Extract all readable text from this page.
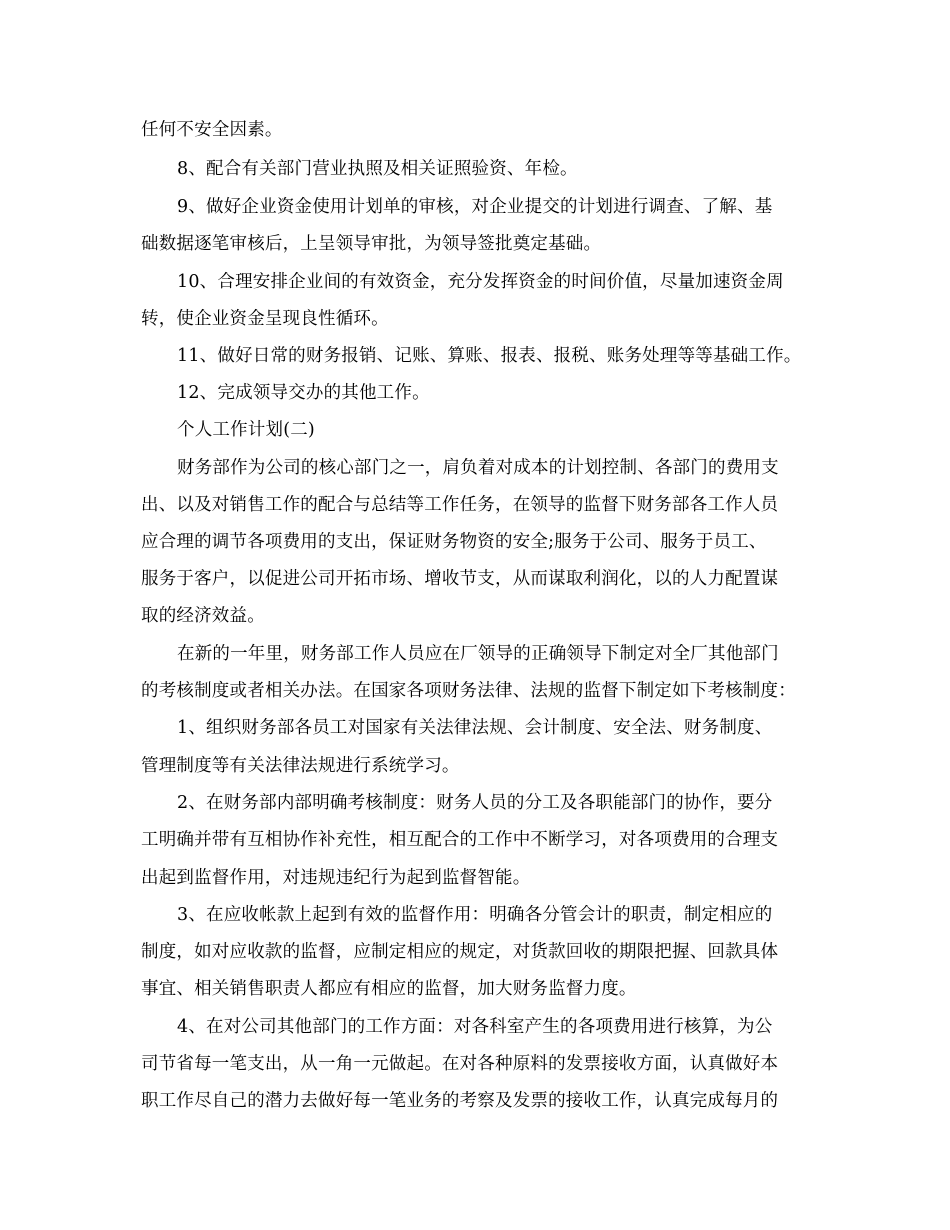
任何不安全因素。
8、配合有关部门营业执照及相关证照验资、年检。
9、做好企业资金使用计划单的审核，对企业提交的计划进行调查、了解、基
础数据逐笔审核后，上呈领导审批，为领导签批奠定基础。
10、合理安排企业间的有效资金，充分发挥资金的时间价值，尽量加速资金周
转，使企业资金呈现良性循环。
11、做好日常的财务报销、记账、算账、报表、报税、账务处理等等基础工作。
12、完成领导交办的其他工作。
个人工作计划(二)
财务部作为公司的核心部门之一，肩负着对成本的计划控制、各部门的费用支
出、以及对销售工作的配合与总结等工作任务，在领导的监督下财务部各工作人员
应合理的调节各项费用的支出，保证财务物资的安全;服务于公司、服务于员工、
服务于客户，以促进公司开拓市场、增收节支，从而谋取利润化，以的人力配置谋
取的经济效益。
在新的一年里，财务部工作人员应在厂领导的正确领导下制定对全厂其他部门
的考核制度或者相关办法。在国家各项财务法律、法规的监督下制定如下考核制度：
1、组织财务部各员工对国家有关法律法规、会计制度、安全法、财务制度、
管理制度等有关法律法规进行系统学习。
2、在财务部内部明确考核制度：财务人员的分工及各职能部门的协作，要分
工明确并带有互相协作补充性，相互配合的工作中不断学习，对各项费用的合理支
出起到监督作用，对违规违纪行为起到监督智能。
3、在应收帐款上起到有效的监督作用：明确各分管会计的职责，制定相应的
制度，如对应收款的监督，应制定相应的规定，对货款回收的期限把握、回款具体
事宜、相关销售职责人都应有相应的监督，加大财务监督力度。
4、在对公司其他部门的工作方面：对各科室产生的各项费用进行核算，为公
司节省每一笔支出，从一角一元做起。在对各种原料的发票接收方面，认真做好本
职工作尽自己的潜力去做好每一笔业务的考察及发票的接收工作，认真完成每月的
